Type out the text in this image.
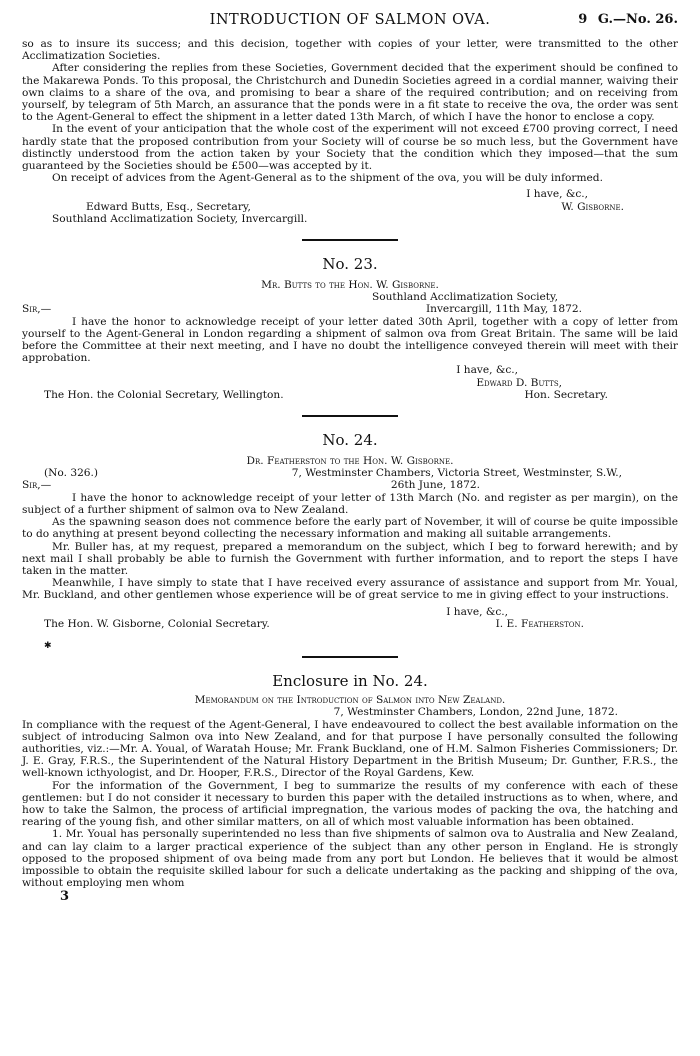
INTRODUCTION OF SALMON OVA.	9 G.—No. 26.

so as to insure its success; and this decision, together with copies of your letter, were transmitted to the other Acclimatization Societies.

After considering the replies from these Societies, Government decided that the experiment should be confined to the Makarewa Ponds. To this proposal, the Christchurch and Dunedin Societies agreed in a cordial manner, waiving their own claims to a share of the ova, and promising to bear a share of the required contribution; and on receiving from yourself, by telegram of 5th March, an assurance that the ponds were in a fit state to receive the ova, the order was sent to the Agent-General to effect the shipment in a letter dated 13th March, of which I have the honor to enclose a copy.

In the event of your anticipation that the whole cost of the experiment will not exceed £700 proving correct, I need hardly state that the proposed contribution from your Society will of course be so much less, but the Government have distinctly understood from the action taken by your Society that the condition which they imposed—that the sum guaranteed by the Societies should be £500—was accepted by it.

On receipt of advices from the Agent-General as to the shipment of the ova, you will be duly informed.

I have, &c.,
Edward Butts, Esq., Secretary,	W. Gisborne.
Southland Acclimatization Society, Invercargill.
No. 23.
Mr. Butts to the Hon. W. Gisborne.
Southland Acclimatization Society,
Sir,—	Invercargill, 11th May, 1872.

I have the honor to acknowledge receipt of your letter dated 30th April, together with a copy of letter from yourself to the Agent-General in London regarding a shipment of salmon ova from Great Britain. The same will be laid before the Committee at their next meeting, and I have no doubt the intelligence conveyed therein will meet with their approbation.

I have, &c.,
Edward D. Butts,
The Hon. the Colonial Secretary, Wellington.	Hon. Secretary.
No. 24.
Dr. Featherston to the Hon. W. Gisborne.
(No. 326.)	7, Westminster Chambers, Victoria Street, Westminster, S.W.,
Sir,—	26th June, 1872.

I have the honor to acknowledge receipt of your letter of 13th March (No. and register as per margin), on the subject of a further shipment of salmon ova to New Zealand.

As the spawning season does not commence before the early part of November, it will of course be quite impossible to do anything at present beyond collecting the necessary information and making all suitable arrangements.

Mr. Buller has, at my request, prepared a memorandum on the subject, which I beg to forward herewith; and by next mail I shall probably be able to furnish the Government with further information, and to report the steps I have taken in the matter.

Meanwhile, I have simply to state that I have received every assurance of assistance and support from Mr. Youal, Mr. Buckland, and other gentlemen whose experience will be of great service to me in giving effect to your instructions.

I have, &c.,
The Hon. W. Gisborne, Colonial Secretary.	I. E. Featherston.
✱
Enclosure in No. 24.
Memorandum on the Introduction of Salmon into New Zealand.
7, Westminster Chambers, London, 22nd June, 1872.

In compliance with the request of the Agent-General, I have endeavoured to collect the best available information on the subject of introducing Salmon ova into New Zealand, and for that purpose I have personally consulted the following authorities, viz.:—Mr. A. Youal, of Waratah House; Mr. Frank Buckland, one of H.M. Salmon Fisheries Commissioners; Dr. J. E. Gray, F.R.S., the Superintendent of the Natural History Department in the British Museum; Dr. Gunther, F.R.S., the well-known icthyologist, and Dr. Hooper, F.R.S., Director of the Royal Gardens, Kew.

For the information of the Government, I beg to summarize the results of my conference with each of these gentlemen: but I do not consider it necessary to burden this paper with the detailed instructions as to when, where, and how to take the Salmon, the process of artificial impregnation, the various modes of packing the ova, the hatching and rearing of the young fish, and other similar matters, on all of which most valuable information has been obtained.

1. Mr. Youal has personally superintended no less than five shipments of salmon ova to Australia and New Zealand, and can lay claim to a larger practical experience of the subject than any other person in England. He is strongly opposed to the proposed shipment of ova being made from any port but London. He believes that it would be almost impossible to obtain the requisite skilled labour for such a delicate undertaking as the packing and shipping of the ova, without employing men whom

3
